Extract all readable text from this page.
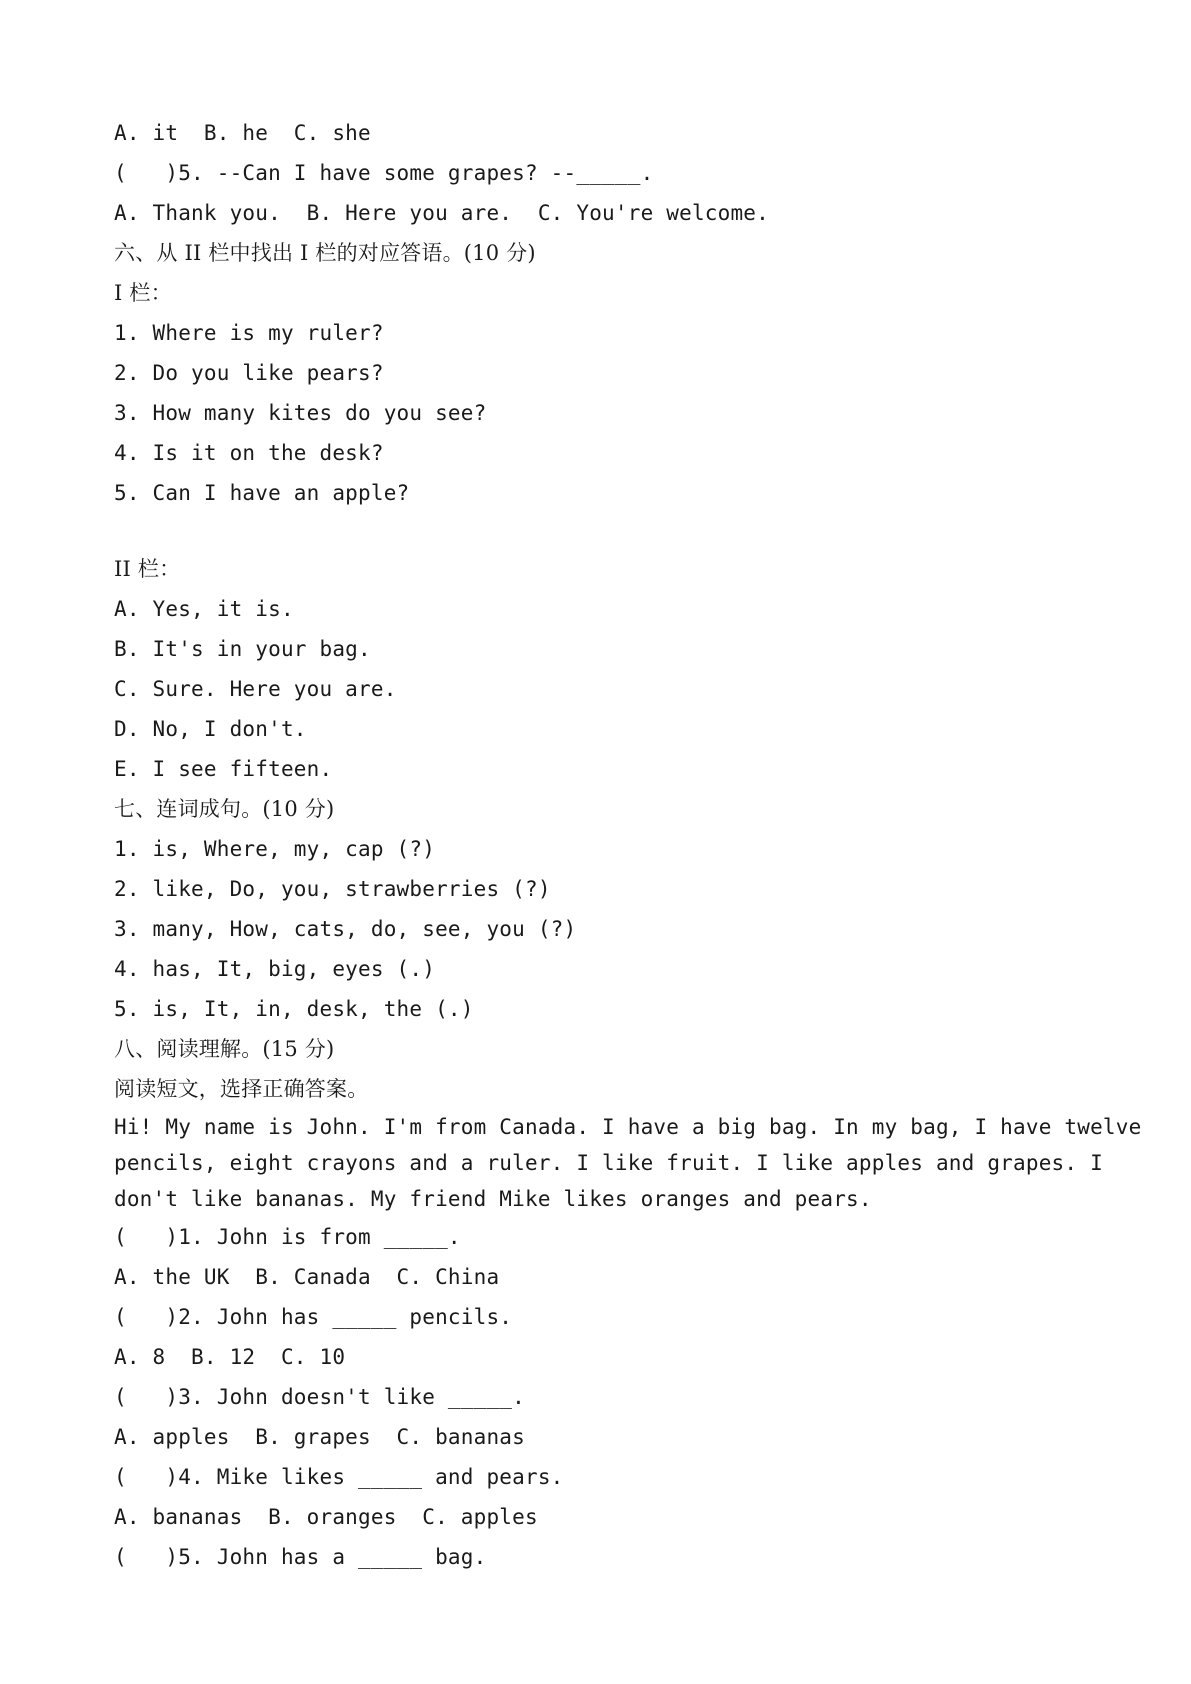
A. it  B. he  C. she
(   )5. --Can I have some grapes? --_____.
A. Thank you.  B. Here you are.  C. You're welcome.
六、从 II 栏中找出 I 栏的对应答语。(10 分)
I 栏：
1. Where is my ruler?
2. Do you like pears?
3. How many kites do you see?
4. Is it on the desk?
5. Can I have an apple?
II 栏：
A. Yes, it is.
B. It's in your bag.
C. Sure. Here you are.
D. No, I don't.
E. I see fifteen.
七、连词成句。(10 分)
1. is, Where, my, cap (?)
2. like, Do, you, strawberries (?)
3. many, How, cats, do, see, you (?)
4. has, It, big, eyes (.)
5. is, It, in, desk, the (.)
八、阅读理解。(15 分)
阅读短文，选择正确答案。
Hi! My name is John. I'm from Canada. I have a big bag. In my bag, I have twelve
pencils, eight crayons and a ruler. I like fruit. I like apples and grapes. I
don't like bananas. My friend Mike likes oranges and pears.
(   )1. John is from _____.
A. the UK  B. Canada  C. China
(   )2. John has _____ pencils.
A. 8  B. 12  C. 10
(   )3. John doesn't like _____.
A. apples  B. grapes  C. bananas
(   )4. Mike likes _____ and pears.
A. bananas  B. oranges  C. apples
(   )5. John has a _____ bag.
